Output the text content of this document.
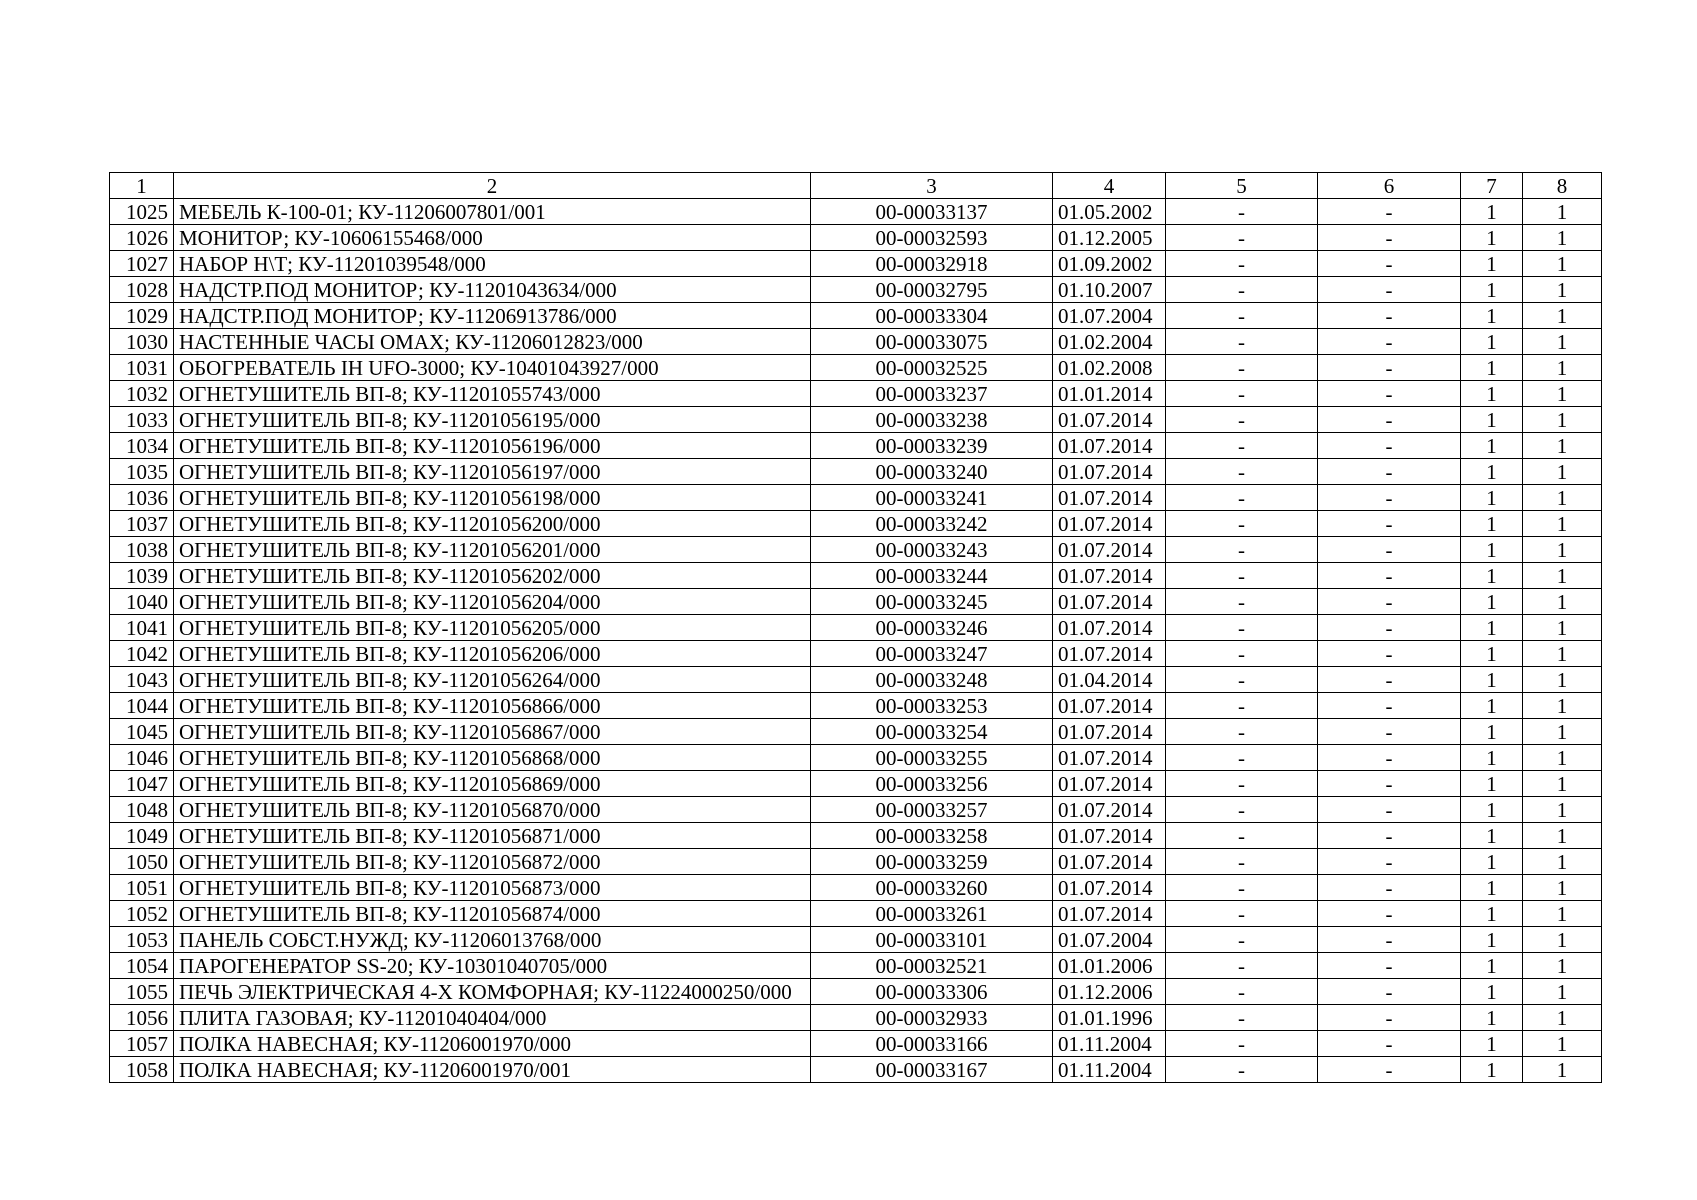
1	2	3	4	5	6	7	8
1025	МЕБЕЛЬ К-100-01; КУ-11206007801/001	00-00033137	01.05.2002	-	-	1	1
1026	МОНИТОР; КУ-10606155468/000	00-00032593	01.12.2005	-	-	1	1
1027	НАБОР Н\Т; КУ-11201039548/000	00-00032918	01.09.2002	-	-	1	1
1028	НАДСТР.ПОД МОНИТОР; КУ-11201043634/000	00-00032795	01.10.2007	-	-	1	1
1029	НАДСТР.ПОД МОНИТОР; КУ-11206913786/000	00-00033304	01.07.2004	-	-	1	1
1030	НАСТЕННЫЕ ЧАСЫ ОМАХ; КУ-11206012823/000	00-00033075	01.02.2004	-	-	1	1
1031	ОБОГРЕВАТЕЛЬ IH UFO-3000; КУ-10401043927/000	00-00032525	01.02.2008	-	-	1	1
1032	ОГНЕТУШИТЕЛЬ ВП-8; КУ-11201055743/000	00-00033237	01.01.2014	-	-	1	1
1033	ОГНЕТУШИТЕЛЬ ВП-8; КУ-11201056195/000	00-00033238	01.07.2014	-	-	1	1
1034	ОГНЕТУШИТЕЛЬ ВП-8; КУ-11201056196/000	00-00033239	01.07.2014	-	-	1	1
1035	ОГНЕТУШИТЕЛЬ ВП-8; КУ-11201056197/000	00-00033240	01.07.2014	-	-	1	1
1036	ОГНЕТУШИТЕЛЬ ВП-8; КУ-11201056198/000	00-00033241	01.07.2014	-	-	1	1
1037	ОГНЕТУШИТЕЛЬ ВП-8; КУ-11201056200/000	00-00033242	01.07.2014	-	-	1	1
1038	ОГНЕТУШИТЕЛЬ ВП-8; КУ-11201056201/000	00-00033243	01.07.2014	-	-	1	1
1039	ОГНЕТУШИТЕЛЬ ВП-8; КУ-11201056202/000	00-00033244	01.07.2014	-	-	1	1
1040	ОГНЕТУШИТЕЛЬ ВП-8; КУ-11201056204/000	00-00033245	01.07.2014	-	-	1	1
1041	ОГНЕТУШИТЕЛЬ ВП-8; КУ-11201056205/000	00-00033246	01.07.2014	-	-	1	1
1042	ОГНЕТУШИТЕЛЬ ВП-8; КУ-11201056206/000	00-00033247	01.07.2014	-	-	1	1
1043	ОГНЕТУШИТЕЛЬ ВП-8; КУ-11201056264/000	00-00033248	01.04.2014	-	-	1	1
1044	ОГНЕТУШИТЕЛЬ ВП-8; КУ-11201056866/000	00-00033253	01.07.2014	-	-	1	1
1045	ОГНЕТУШИТЕЛЬ ВП-8; КУ-11201056867/000	00-00033254	01.07.2014	-	-	1	1
1046	ОГНЕТУШИТЕЛЬ ВП-8; КУ-11201056868/000	00-00033255	01.07.2014	-	-	1	1
1047	ОГНЕТУШИТЕЛЬ ВП-8; КУ-11201056869/000	00-00033256	01.07.2014	-	-	1	1
1048	ОГНЕТУШИТЕЛЬ ВП-8; КУ-11201056870/000	00-00033257	01.07.2014	-	-	1	1
1049	ОГНЕТУШИТЕЛЬ ВП-8; КУ-11201056871/000	00-00033258	01.07.2014	-	-	1	1
1050	ОГНЕТУШИТЕЛЬ ВП-8; КУ-11201056872/000	00-00033259	01.07.2014	-	-	1	1
1051	ОГНЕТУШИТЕЛЬ ВП-8; КУ-11201056873/000	00-00033260	01.07.2014	-	-	1	1
1052	ОГНЕТУШИТЕЛЬ ВП-8; КУ-11201056874/000	00-00033261	01.07.2014	-	-	1	1
1053	ПАНЕЛЬ СОБСТ.НУЖД; КУ-11206013768/000	00-00033101	01.07.2004	-	-	1	1
1054	ПАРОГЕНЕРАТОР SS-20; КУ-10301040705/000	00-00032521	01.01.2006	-	-	1	1
1055	ПЕЧЬ ЭЛЕКТРИЧЕСКАЯ 4-Х КОМФОРНАЯ; КУ-11224000250/000	00-00033306	01.12.2006	-	-	1	1
1056	ПЛИТА ГАЗОВАЯ; КУ-11201040404/000	00-00032933	01.01.1996	-	-	1	1
1057	ПОЛКА НАВЕСНАЯ; КУ-11206001970/000	00-00033166	01.11.2004	-	-	1	1
1058	ПОЛКА НАВЕСНАЯ; КУ-11206001970/001	00-00033167	01.11.2004	-	-	1	1
